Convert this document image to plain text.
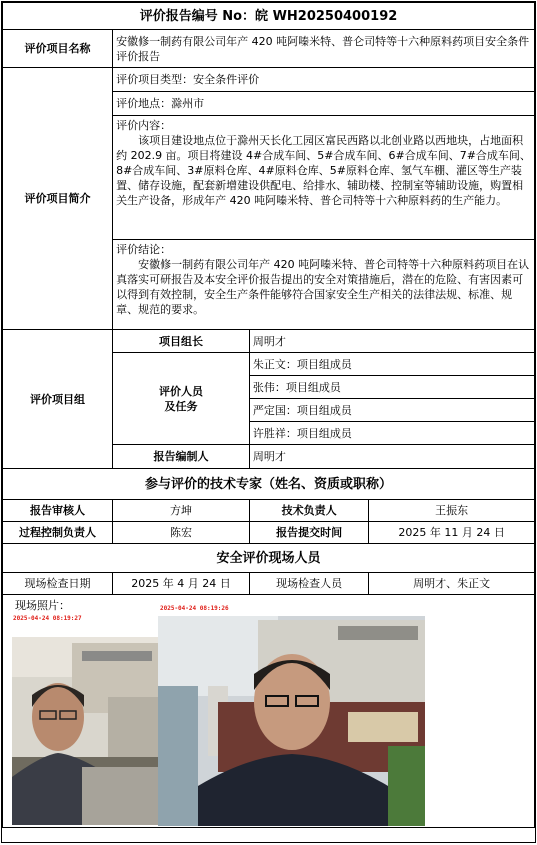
评价报告编号 No：皖 WH20250400192			
评价项目名称	安徽修一制药有限公司年产 420 吨阿嗪米特、普仑司特等十六种原料药项目安全条件评价报告		
评价项目简介	评价项目类型：安全条件评价		
	评价地点：滁州市		

	评价内容：

该项目建设地点位于滁州天长化工园区富民西路以北创业路以西地块，占地面积约 202.9 亩。项目将建设 4#合成车间、5#合成车间、6#合成车间、7#合成车间、8#合成车间、3#原料仓库、4#原料仓库、5#原料仓库、氢气车棚、灌区等生产装置、储存设施，配套新增建设供配电、给排水、辅助楼、控制室等辅助设施，购置相关生产设备，形成年产 420 吨阿嗪米特、普仑司特等十六种原料药的生产能力。		

	评价结论：

安徽修一制药有限公司年产 420 吨阿嗪米特、普仑司特等十六种原料药项目在认真落实可研报告及本安全评价报告提出的安全对策措施后，潜在的危险、有害因素可以得到有效控制，安全生产条件能够符合国家安全生产相关的法律法规、标准、规章、规范的要求。		

评价项目组	项目组长	周明才	

	评价人员
及任务	朱正文：项目组成员	
		张伟：项目组成员	
		严定国：项目组成员	
		许胜祥：项目组成员	
	报告编制人	周明才	
参与评价的技术专家（姓名、资质或职称）			
报告审核人	方坤	技术负责人	王振东
过程控制负责人	陈宏	报告提交时间	2025 年 11 月 24 日
安全评价现场人员			
现场检查日期	2025 年 4 月 24 日	现场检查人员	周明才、朱正文
现场照片：
2025-04-24 08:19:27
2025-04-24 08:19:26
